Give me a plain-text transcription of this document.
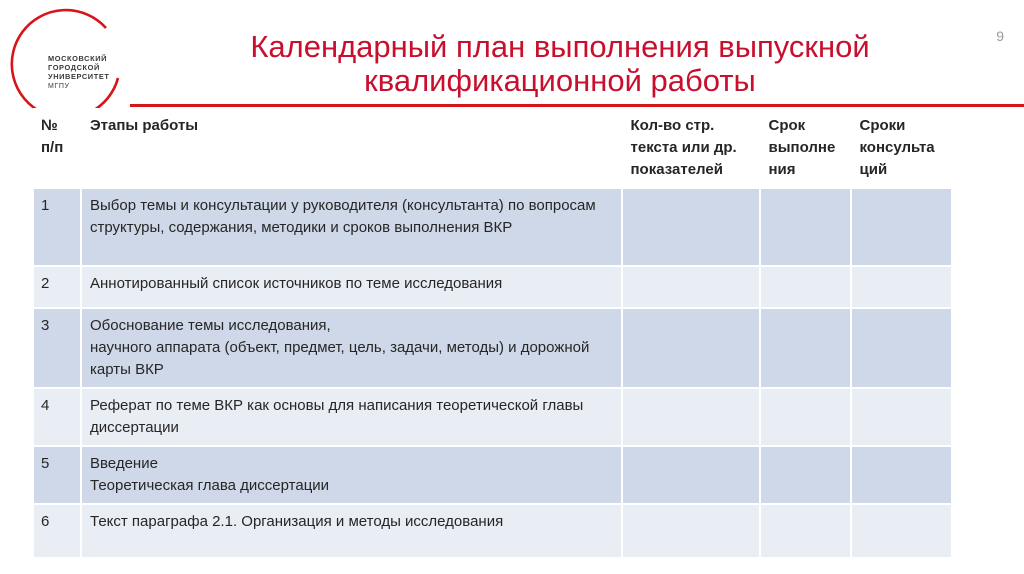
МОСКОВСКИЙ
ГОРОДСКОЙ
УНИВЕРСИТЕТ
МГПУ
Календарный план выполнения выпускной
квалификационной работы
9
№ п/п	Этапы работы	Кол-во стр. текста или др. показателей	Срок выполне ния	Сроки консульта ций
1	Выбор темы и консультации у руководителя (консультанта) по вопросам структуры, содержания, методики и сроков выполнения ВКР			
2	Аннотированный список источников по теме исследования			
3	Обоснование темы исследования,
научного аппарата (объект, предмет, цель, задачи, методы) и дорожной карты ВКР			

4	Реферат по теме ВКР как основы для написания теоретической главы диссертации			
5	Введение
Теоретическая глава диссертации			

6	Текст параграфа 2.1. Организация и методы исследования			
